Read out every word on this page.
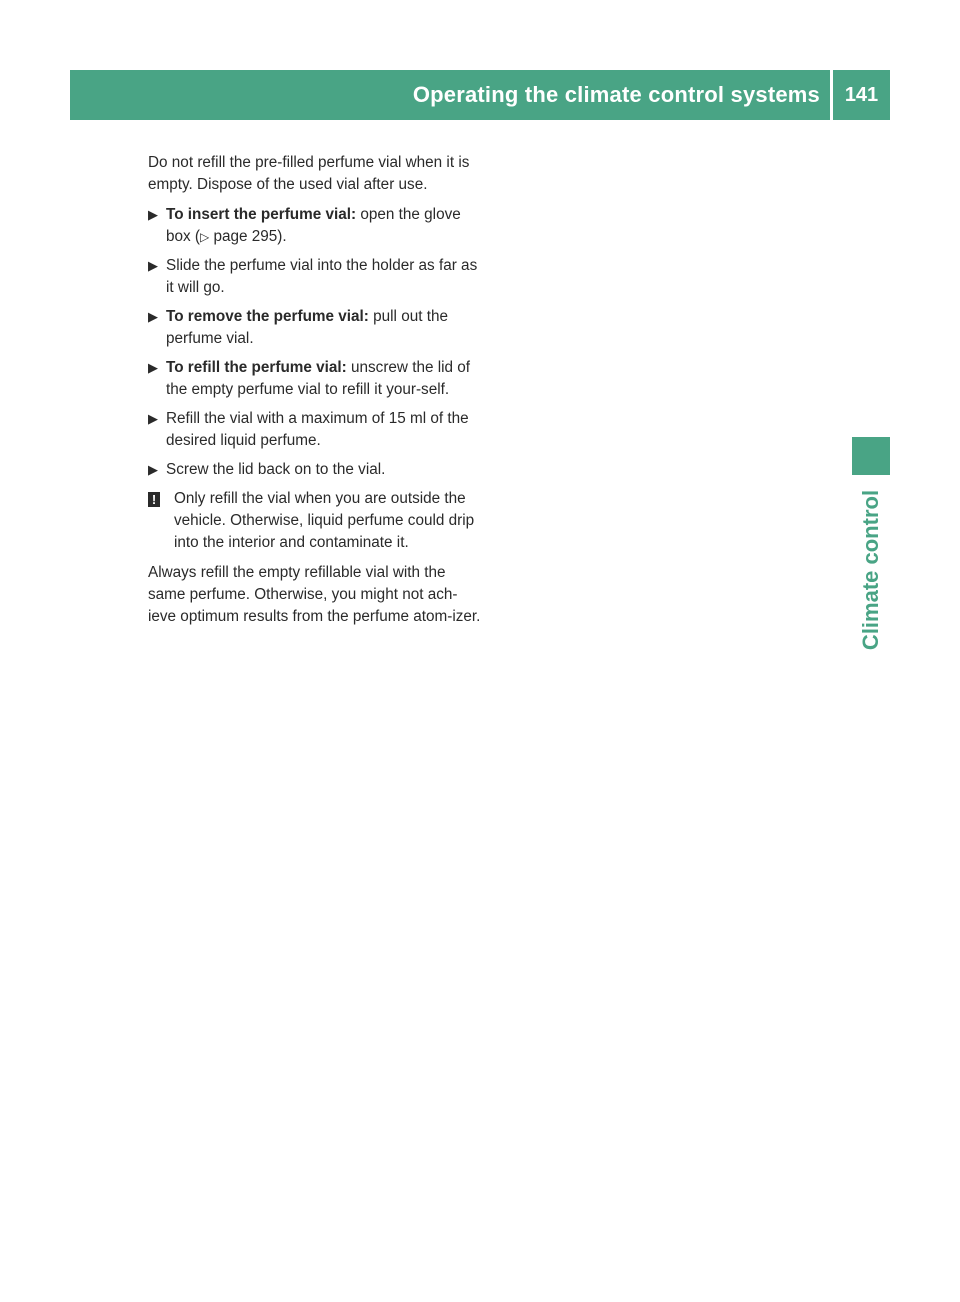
Operating the climate control systems	141
Climate control

Do not refill the pre-filled perfume vial when it is empty. Dispose of the used vial after use.

▶ To insert the perfume vial: open the glove box (▷ page 295).
▶ Slide the perfume vial into the holder as far as it will go.
▶ To remove the perfume vial: pull out the perfume vial.
▶ To refill the perfume vial: unscrew the lid of the empty perfume vial to refill it your-self.
▶ Refill the vial with a maximum of 15 ml of the desired liquid perfume.
▶ Screw the lid back on to the vial.
! Only refill the vial when you are outside the vehicle. Otherwise, liquid perfume could drip into the interior and contaminate it.

Always refill the empty refillable vial with the same perfume. Otherwise, you might not ach-ieve optimum results from the perfume atom-izer.
